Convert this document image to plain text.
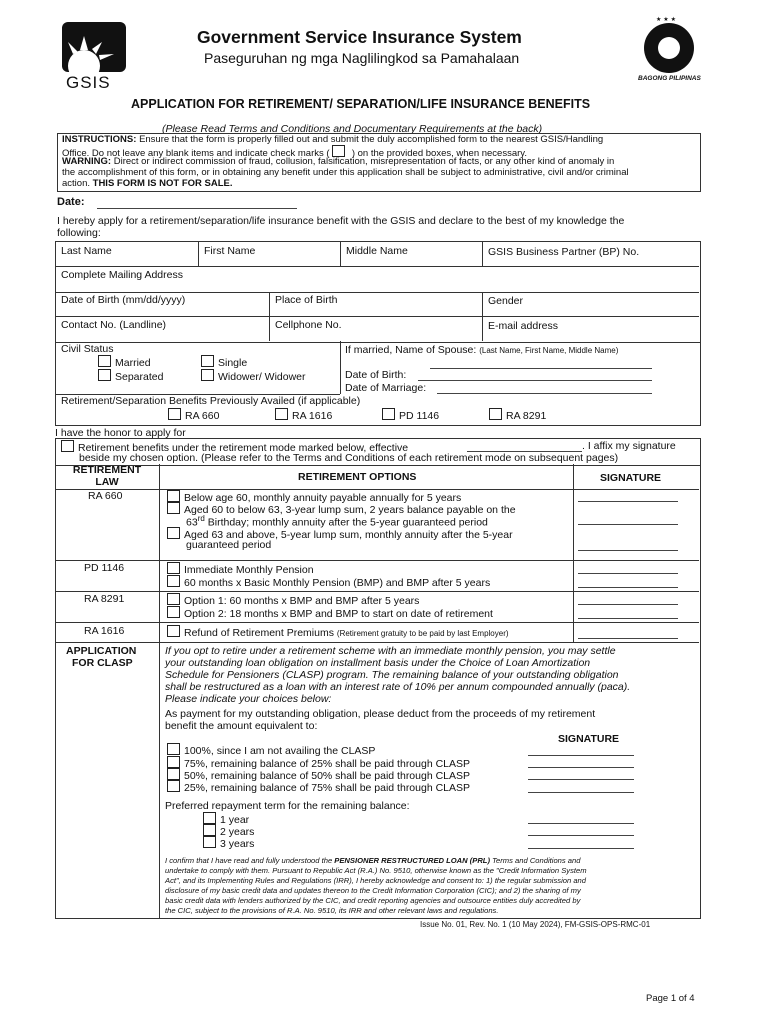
GSIS
Government Service Insurance System
Paseguruhan ng mga Naglilingkod sa Pamahalaan
★ ★ ★
BAGONG PILIPINAS
APPLICATION FOR RETIREMENT/ SEPARATION/LIFE INSURANCE BENEFITS
(Please Read Terms and Conditions and Documentary Requirements at the back)
INSTRUCTIONS: Ensure that the form is properly filled out and submit the duly accomplished form to the nearest GSIS/Handling
Office. Do not leave any blank items and indicate check marks ( ) on the provided boxes, when necessary.
WARNING: Direct or indirect commission of fraud, collusion, falsification, misrepresentation of facts, or any other kind of anomaly in
the accomplishment of this form, or in obtaining any benefit under this application shall be subject to administrative, civil and/or criminal
action. THIS FORM IS NOT FOR SALE.
Date:
I hereby apply for a retirement/separation/life insurance benefit with the GSIS and declare to the best of my knowledge the
following:
Last Name	First Name	Middle Name	GSIS Business Partner (BP) No.
Complete Mailing Address
Date of Birth (mm/dd/yyyy)	Place of Birth	Gender
Contact No. (Landline)	Cellphone No.	E-mail address
Civil Status
Married	Single
Separated	Widower/ Widower
If married, Name of Spouse: (Last Name, First Name, Middle Name)
Date of Birth:
Date of Marriage:
Retirement/Separation Benefits Previously Availed (if applicable)
RA 660	RA 1616	PD 1146	RA 8291
I have the honor to apply for
Retirement benefits under the retirement mode marked below, effective	. I affix my signature
beside my chosen option. (Please refer to the Terms and Conditions of each retirement mode on subsequent pages)
RETIREMENT LAW	RETIREMENT OPTIONS	SIGNATURE
RA 660	Below age 60, monthly annuity payable annually for 5 years
Aged 60 to below 63, 3-year lump sum, 2 years balance payable on the
63rd Birthday; monthly annuity after the 5-year guaranteed period
Aged 63 and above, 5-year lump sum, monthly annuity after the 5-year
guaranteed period
PD 1146	Immediate Monthly Pension
60 months x Basic Monthly Pension (BMP) and BMP after 5 years
RA 8291	Option 1: 60 months x BMP and BMP after 5 years
Option 2: 18 months x BMP and BMP to start on date of retirement
RA 1616	Refund of Retirement Premiums (Retirement gratuity to be paid by last Employer)
APPLICATION
FOR CLASP
If you opt to retire under a retirement scheme with an immediate monthly pension, you may settle
your outstanding loan obligation on installment basis under the Choice of Loan Amortization
Schedule for Pensioners (CLASP) program. The remaining balance of your outstanding obligation
shall be restructured as a loan with an interest rate of 10% per annum compounded annually (paca).
Please indicate your choices below:
As payment for my outstanding obligation, please deduct from the proceeds of my retirement
benefit the amount equivalent to:
SIGNATURE
100%, since I am not availing the CLASP
75%, remaining balance of 25% shall be paid through CLASP
50%, remaining balance of 50% shall be paid through CLASP
25%, remaining balance of 75% shall be paid through CLASP
Preferred repayment term for the remaining balance:
1 year
2 years
3 years
I confirm that I have read and fully understood the PENSIONER RESTRUCTURED LOAN (PRL) Terms and Conditions and
undertake to comply with them. Pursuant to Republic Act (R.A.) No. 9510, otherwise known as the "Credit Information System
Act", and its Implementing Rules and Regulations (IRR), I hereby acknowledge and consent to: 1) the regular submission and
disclosure of my basic credit data and updates thereon to the Credit Information Corporation (CIC); and 2) the sharing of my
basic credit data with lenders authorized by the CIC, and credit reporting agencies and outsource entities duly accredited by
the CIC, subject to the provisions of R.A. No. 9510, its IRR and other relevant laws and regulations.
Issue No. 01, Rev. No. 1 (10 May 2024), FM-GSIS-OPS-RMC-01
Page 1 of 4
